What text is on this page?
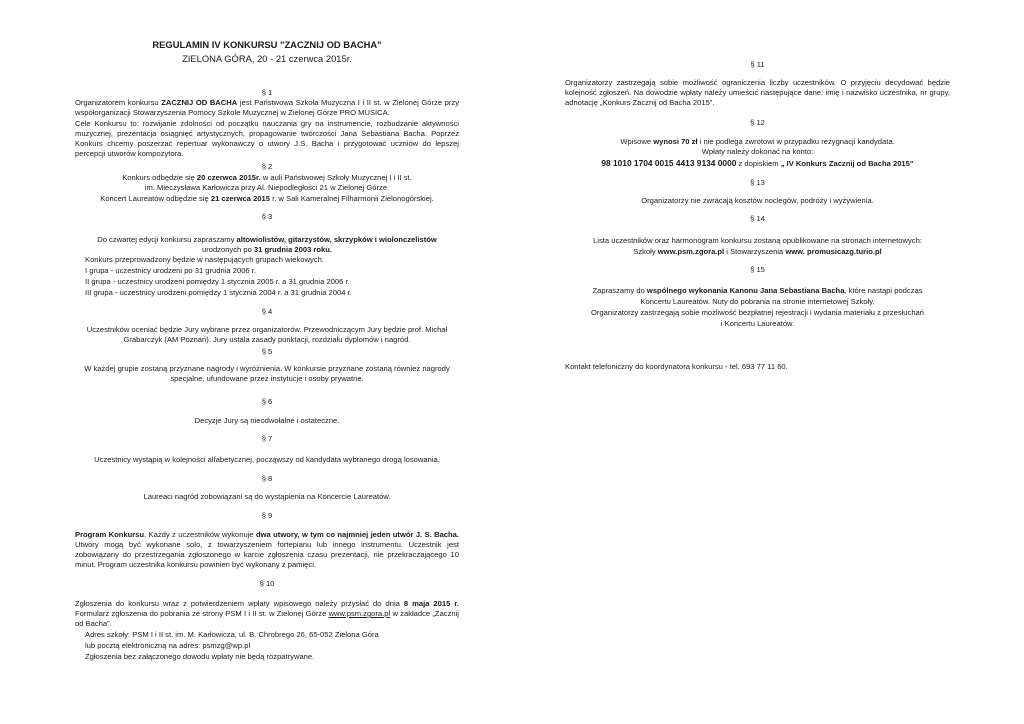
REGULAMIN IV KONKURSU "ZACZNIJ OD BACHA"

ZIELONA GÓRA, 20 - 21 czerwca 2015r.

§ 1

Organizatorem konkursu ZACZNIJ OD BACHA jest Państwowa Szkoła Muzyczna I i II st. w Zielonej Górze przy współorganizacji Stowarzyszenia Pomocy Szkole Muzycznej w Zielonej Górze PRO MUSICA.

Cele Konkursu to: rozwijanie zdolności od początku nauczania gry na instrumencie, rozbudzanie aktywności muzycznej, prezentacja osiągnięć artystycznych, propagowanie twórczości Jana Sebastiana Bacha. Poprzez Konkurs chcemy poszerzać repertuar wykonawczy o utwory J.S. Bacha i przygotować uczniów do lepszej percepcji utworów kompozytora.

§ 2

Konkurs odbędzie się 20 czerwca 2015r. w auli Państwowej Szkoły Muzycznej I i II st.

im. Mieczysława Karłowicza przy Al. Niepodległości 21 w Zielonej Górze.

Koncert Laureatów odbędzie się 21 czerwca 2015 r. w Sali Kameralnej Filharmonii Zielonogórskiej.

§ 3

Do czwartej edycji konkursu zapraszamy altowiolistów, gitarzystów, skrzypków i wiolonczelistów

urodzonych po 31 grudnia 2003 roku.

Konkurs przeprowadzony będzie w następujących grupach wiekowych:

I grupa - uczestnicy urodzeni po 31 grudnia 2006 r.

II grupa - uczestnicy urodzeni pomiędzy 1 stycznia 2005 r. a 31 grudnia 2006 r.

III grupa - uczestnicy urodzeni pomiędzy 1 stycznia 2004 r. a 31 grudnia 2004 r.

§ 4

Uczestników oceniać będzie Jury wybrane przez organizatorów. Przewodniczącym Jury będzie prof. Michał Grabarczyk (AM Poznań). Jury ustala zasady punktacji, rozdziału dyplomów i nagród.

§ 5

W każdej grupie zostaną przyznane nagrody i wyróżnienia. W konkursie przyznane zostaną również nagrody specjalne, ufundowane przez instytucje i osoby prywatne.

§ 6

Decyzje Jury są nieodwołalne i ostateczne.

§ 7

Uczestnicy wystąpią w kolejności alfabetycznej, począwszy od kandydata wybranego drogą losowania.

§ 8

Laureaci nagród zobowiązani są do wystąpienia na Koncercie Laureatów.

§ 9

Program Konkursu. Każdy z uczestników wykonuje dwa utwory, w tym co najmniej jeden utwór J. S. Bacha. Utwory mogą być wykonane solo, z towarzyszeniem fortepianu lub innego instrumentu. Uczestnik jest zobowiązany do przestrzegania zgłoszonego w karcie zgłoszenia czasu prezentacji, nie przekraczającego 10 minut. Program uczestnika konkursu powinien być wykonany z pamięci.

§ 10

Zgłoszenia do konkursu wraz z potwierdzeniem wpłaty wpisowego należy przysłać do dnia 8 maja 2015 r. Formularz zgłoszenia do pobrania ze strony PSM I i II st. w Zielonej Górze www.psm.zgora.pl w zakładce „Zacznij od Bacha”.

Adres szkoły: PSM I i II st. im. M. Karłowicza, ul. B. Chrobrego 26, 65-052 Zielona Góra

lub pocztą elektroniczną na adres: psmzg@wp.pl

Zgłoszenia bez załączonego dowodu wpłaty nie będą rozpatrywane.

§ 11

Organizatorzy zastrzegają sobie możliwość ograniczenia liczby uczestników. O przyjęciu decydować będzie kolejność zgłoszeń. Na dowodzie wpłaty należy umieścić następujące dane: imię i nazwisko uczestnika, nr grupy, adnotację „Konkurs Zacznij od Bacha 2015”.

§ 12

Wpisowe wynosi 70 zł i nie podlega zwrotowi w przypadku rezygnacji kandydata.

Wpłaty należy dokonać na konto:

98 1010 1704 0015 4413 9134 0000 z dopiskiem „ IV Konkurs Zacznij od Bacha 2015”

§ 13

Organizatorzy nie zwracają kosztów noclegów, podróży i wyżywienia.

§ 14

Lista uczestników oraz harmonogram konkursu zostaną opublikowane na stronach internetowych:

Szkoły www.psm.zgora.pl i Stowarzyszenia www. promusicazg.turio.pl

§ 15

Zapraszamy do wspólnego wykonania Kanonu Jana Sebastiana Bacha, które nastąpi podczas

Koncertu Laureatów. Nuty do pobrania na stronie internetowej Szkoły.

Organizatorzy zastrzegają sobie możliwość bezpłatnej rejestracji i wydania materiału z przesłuchań

i Koncertu Laureatów.

Kontakt telefoniczny do koordynatora konkursu - tel. 693 77 11 60.
